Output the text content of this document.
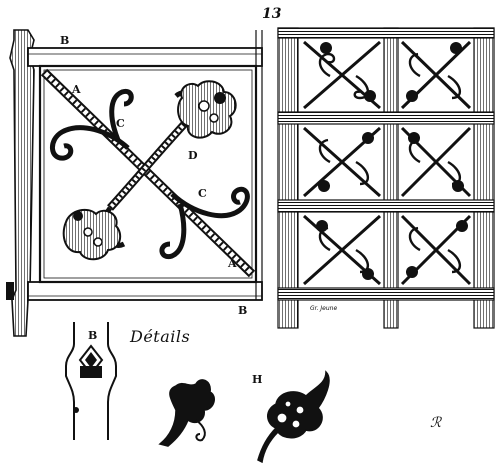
13
B
A
C
D
C
A
B	Gr. Jeune
B Détails
H
ℛ
